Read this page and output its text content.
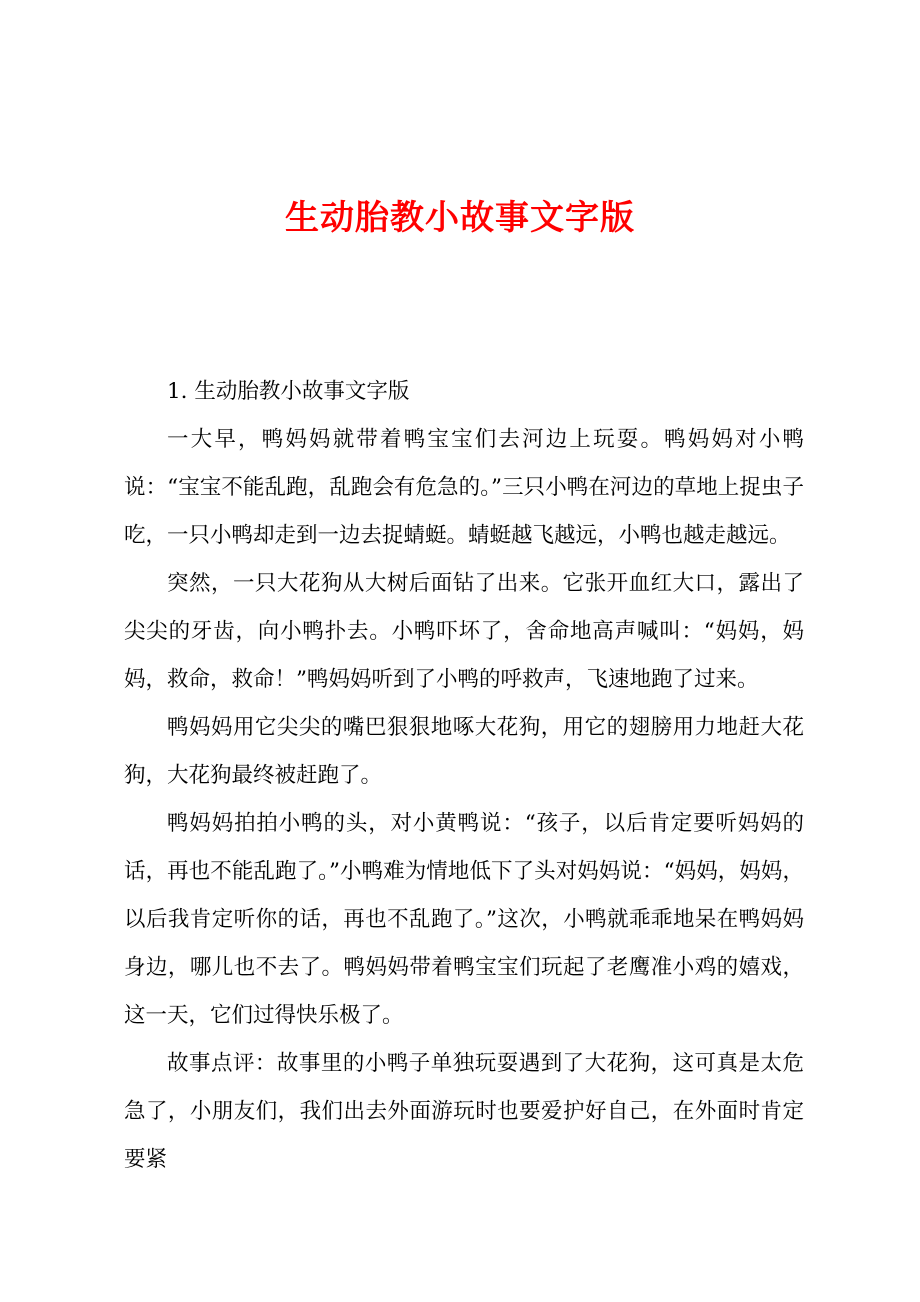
生动胎教小故事文字版

1. 生动胎教小故事文字版

一大早，鸭妈妈就带着鸭宝宝们去河边上玩耍。鸭妈妈对小鸭说：“宝宝不能乱跑，乱跑会有危急的。”三只小鸭在河边的草地上捉虫子吃，一只小鸭却走到一边去捉蜻蜓。蜻蜓越飞越远，小鸭也越走越远。

突然，一只大花狗从大树后面钻了出来。它张开血红大口，露出了尖尖的牙齿，向小鸭扑去。小鸭吓坏了，舍命地高声喊叫：“妈妈，妈妈，救命，救命！”鸭妈妈听到了小鸭的呼救声，飞速地跑了过来。

鸭妈妈用它尖尖的嘴巴狠狠地啄大花狗，用它的翅膀用力地赶大花狗，大花狗最终被赶跑了。

鸭妈妈拍拍小鸭的头，对小黄鸭说：“孩子，以后肯定要听妈妈的话，再也不能乱跑了。”小鸭难为情地低下了头对妈妈说：“妈妈，妈妈，以后我肯定听你的话，再也不乱跑了。”这次，小鸭就乖乖地呆在鸭妈妈身边，哪儿也不去了。鸭妈妈带着鸭宝宝们玩起了老鹰准小鸡的嬉戏，这一天，它们过得快乐极了。

故事点评：故事里的小鸭子单独玩耍遇到了大花狗，这可真是太危急了，小朋友们，我们出去外面游玩时也要爱护好自己，在外面时肯定要紧
